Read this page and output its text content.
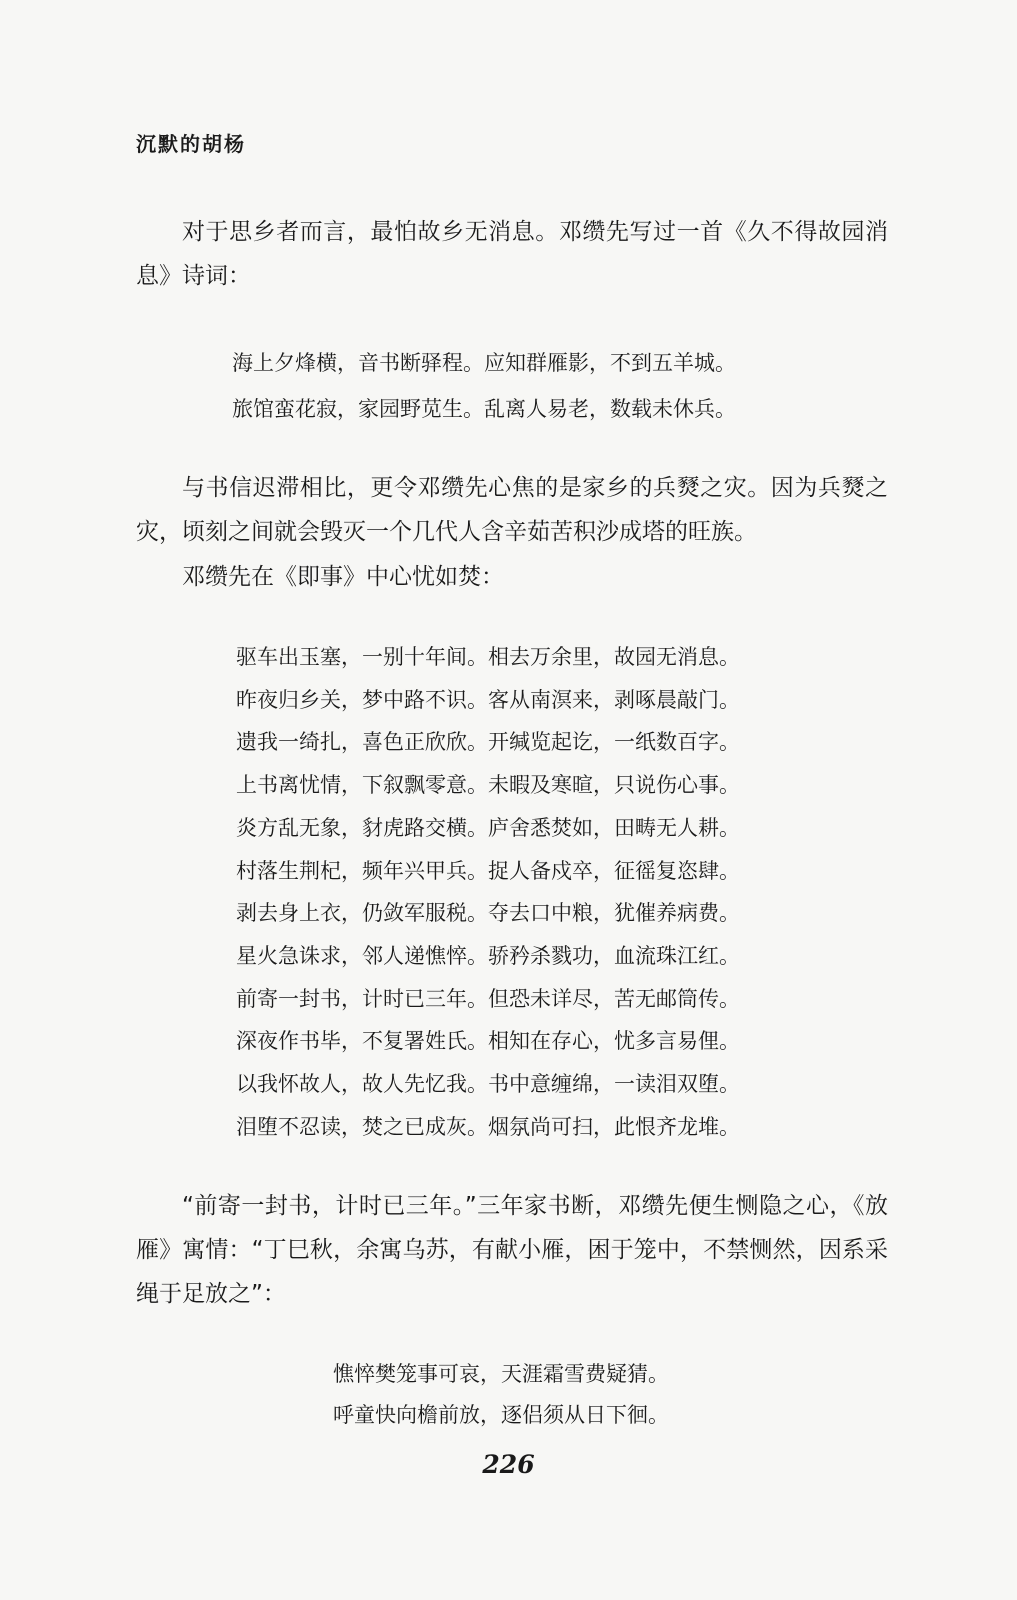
沉默的胡杨

对于思乡者而言，最怕故乡无消息。邓缵先写过一首《久不得故园消息》诗词：

海上夕烽横，音书断驿程。应知群雁影，不到五羊城。
旅馆蛮花寂，家园野苋生。乱离人易老，数载未休兵。

与书信迟滞相比，更令邓缵先心焦的是家乡的兵燹之灾。因为兵燹之灾，顷刻之间就会毁灭一个几代人含辛茹苦积沙成塔的旺族。

邓缵先在《即事》中心忧如焚：

驱车出玉塞，一别十年间。相去万余里，故园无消息。
昨夜归乡关，梦中路不识。客从南溟来，剥啄晨敲门。
遗我一绮扎，喜色正欣欣。开缄览起讫，一纸数百字。
上书离忧情，下叙飘零意。未暇及寒暄，只说伤心事。
炎方乱无象，豺虎路交横。庐舍悉焚如，田畴无人耕。
村落生荆杞，频年兴甲兵。捉人备戍卒，征徭复恣肆。
剥去身上衣，仍敛军服税。夺去口中粮，犹催养病费。
星火急诛求，邻人递憔悴。骄矜杀戮功，血流珠江红。
前寄一封书，计时已三年。但恐未详尽，苦无邮筒传。
深夜作书毕，不复署姓氏。相知在存心，忧多言易俚。
以我怀故人，故人先忆我。书中意缠绵，一读泪双堕。
泪堕不忍读，焚之已成灰。烟氛尚可扫，此恨齐龙堆。

“前寄一封书，计时已三年。”三年家书断，邓缵先便生恻隐之心，《放雁》寓情：“丁巳秋，余寓乌苏，有献小雁，困于笼中，不禁恻然，因系采绳于足放之”：

憔悴樊笼事可哀，天涯霜雪费疑猜。
呼童快向檐前放，逐侣须从日下徊。
226
